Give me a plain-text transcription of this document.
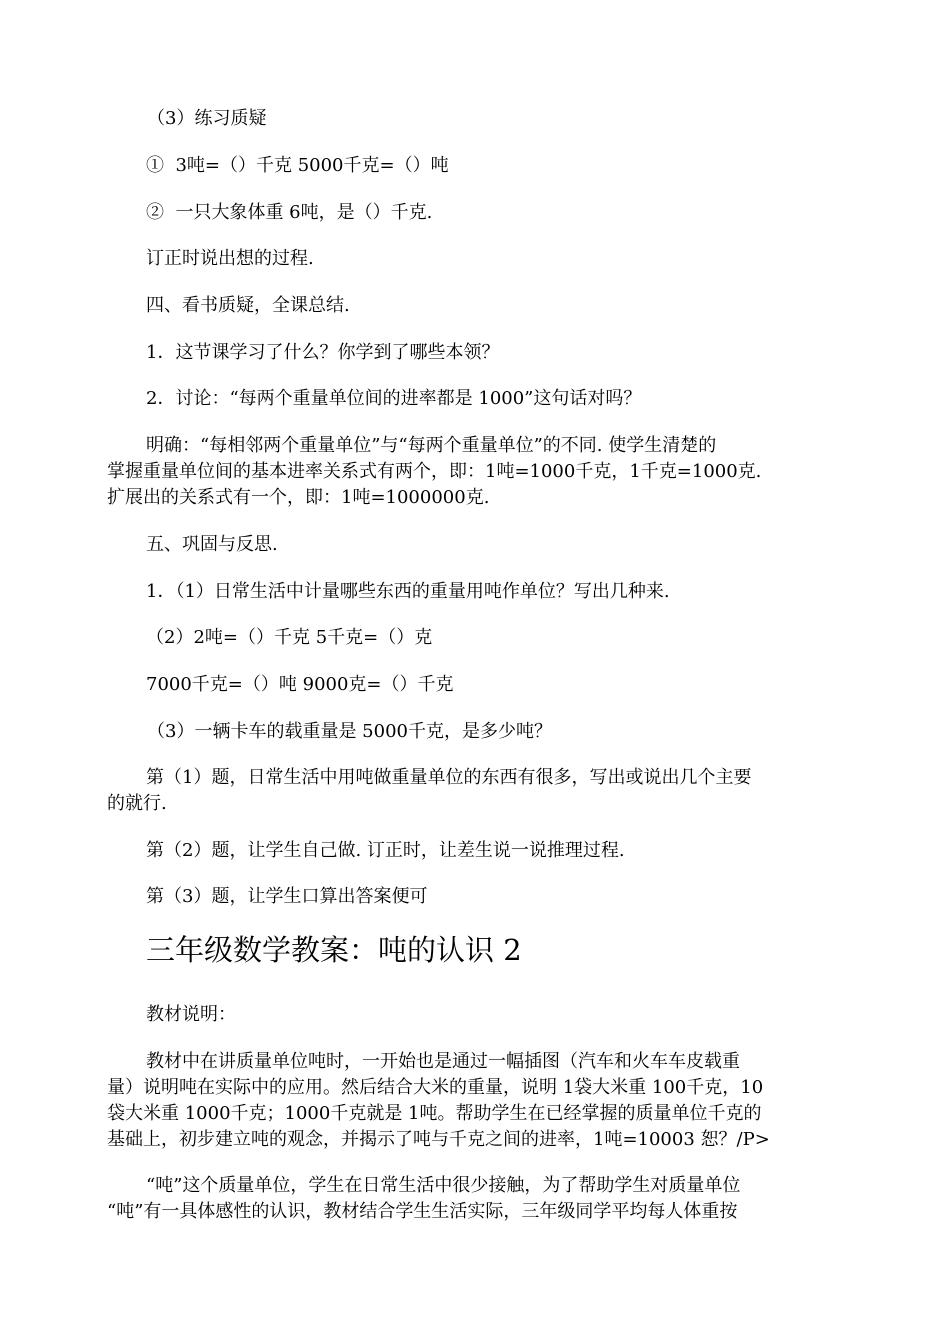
（3）练习质疑
①  3吨=（）千克 5000千克=（）吨
②  一只大象体重 6吨，是（）千克.
订正时说出想的过程.
四、看书质疑，全课总结.
1．这节课学习了什么？你学到了哪些本领？
2．讨论：“每两个重量单位间的进率都是 1000”这句话对吗？
明确：“每相邻两个重量单位”与“每两个重量单位”的不同. 使学生清楚的
掌握重量单位间的基本进率关系式有两个，即：1吨=1000千克，1千克=1000克.
扩展出的关系式有一个，即：1吨=1000000克.
五、巩固与反思.
1．（1）日常生活中计量哪些东西的重量用吨作单位？写出几种来.
（2）2吨=（）千克 5千克=（）克
7000千克=（）吨 9000克=（）千克
（3）一辆卡车的载重量是 5000千克，是多少吨？
第（1）题，日常生活中用吨做重量单位的东西有很多，写出或说出几个主要
的就行.
第（2）题，让学生自己做. 订正时，让差生说一说推理过程.
第（3）题，让学生口算出答案便可
三年级数学教案：吨的认识 2
教材说明：
教材中在讲质量单位吨时，一开始也是通过一幅插图（汽车和火车车皮载重
量）说明吨在实际中的应用。然后结合大米的重量，说明 1袋大米重 100千克，10
袋大米重 1000千克；1000千克就是 1吨。帮助学生在已经掌握的质量单位千克的
基础上，初步建立吨的观念，并揭示了吨与千克之间的进率，1吨=10003 恕？/P>
“吨”这个质量单位，学生在日常生活中很少接触，为了帮助学生对质量单位
“吨”有一具体感性的认识，教材结合学生生活实际，三年级同学平均每人体重按
